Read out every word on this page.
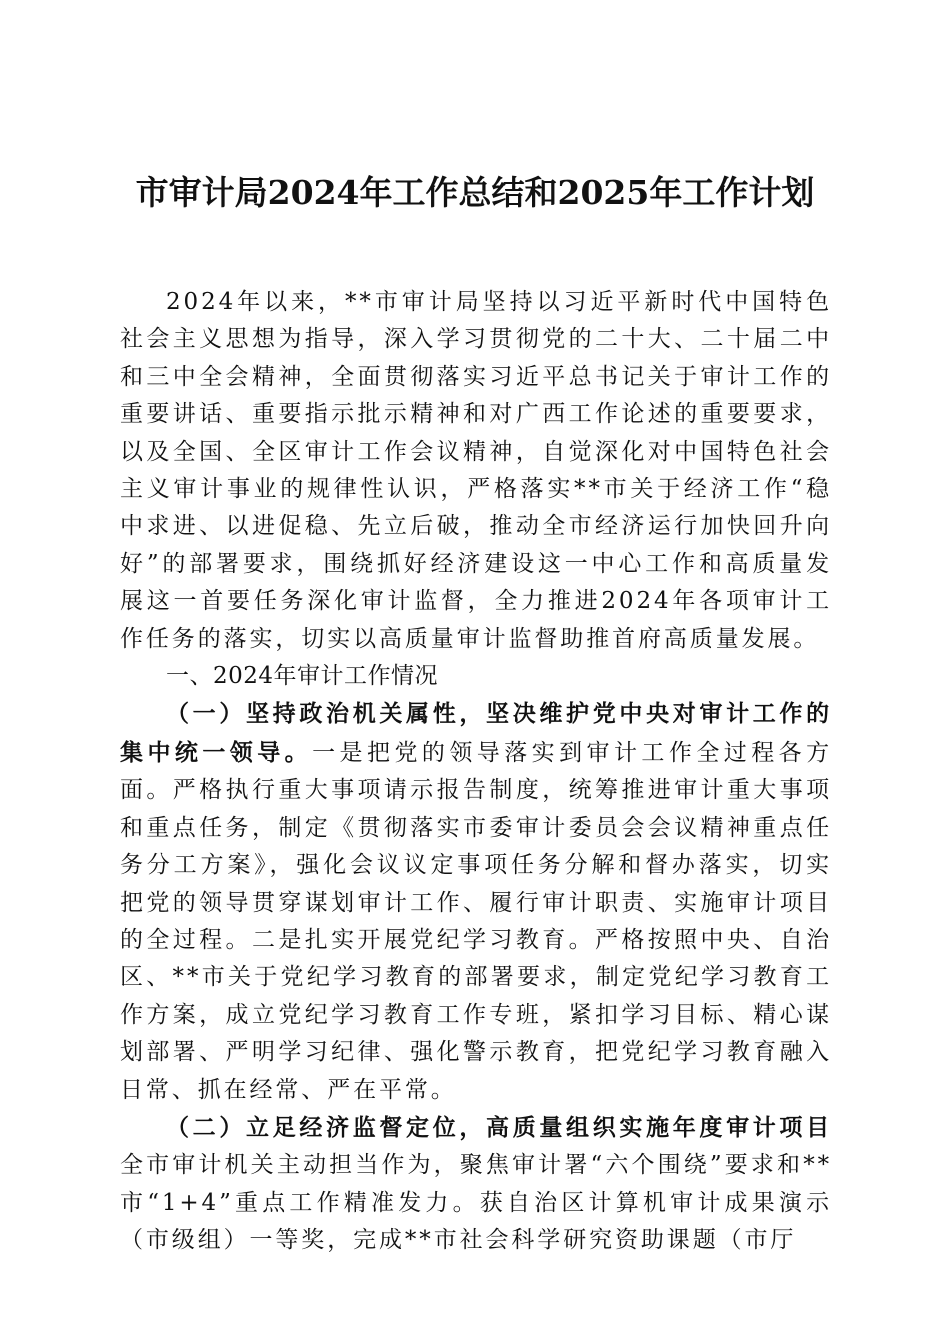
市审计局2024年工作总结和2025年工作计划

2024年以来，**市审计局坚持以习近平新时代中国特色社会主义思想为指导，深入学习贯彻党的二十大、二十届二中和三中全会精神，全面贯彻落实习近平总书记关于审计工作的重要讲话、重要指示批示精神和对广西工作论述的重要要求，以及全国、全区审计工作会议精神，自觉深化对中国特色社会主义审计事业的规律性认识，严格落实**市关于经济工作“稳中求进、以进促稳、先立后破，推动全市经济运行加快回升向好”的部署要求，围绕抓好经济建设这一中心工作和高质量发展这一首要任务深化审计监督，全力推进2024年各项审计工作任务的落实，切实以高质量审计监督助推首府高质量发展。

一、2024年审计工作情况

（一）坚持政治机关属性，坚决维护党中央对审计工作的集中统一领导。一是把党的领导落实到审计工作全过程各方面。严格执行重大事项请示报告制度，统筹推进审计重大事项和重点任务，制定《贯彻落实市委审计委员会会议精神重点任务分工方案》，强化会议议定事项任务分解和督办落实，切实把党的领导贯穿谋划审计工作、履行审计职责、实施审计项目的全过程。二是扎实开展党纪学习教育。严格按照中央、自治区、**市关于党纪学习教育的部署要求，制定党纪学习教育工作方案，成立党纪学习教育工作专班，紧扣学习目标、精心谋划部署、严明学习纪律、强化警示教育，把党纪学习教育融入日常、抓在经常、严在平常。

（二）立足经济监督定位，高质量组织实施年度审计项目全市审计机关主动担当作为，聚焦审计署“六个围绕”要求和**市“1+4”重点工作精准发力。获自治区计算机审计成果演示（市级组）一等奖，完成**市社会科学研究资助课题（市厅
